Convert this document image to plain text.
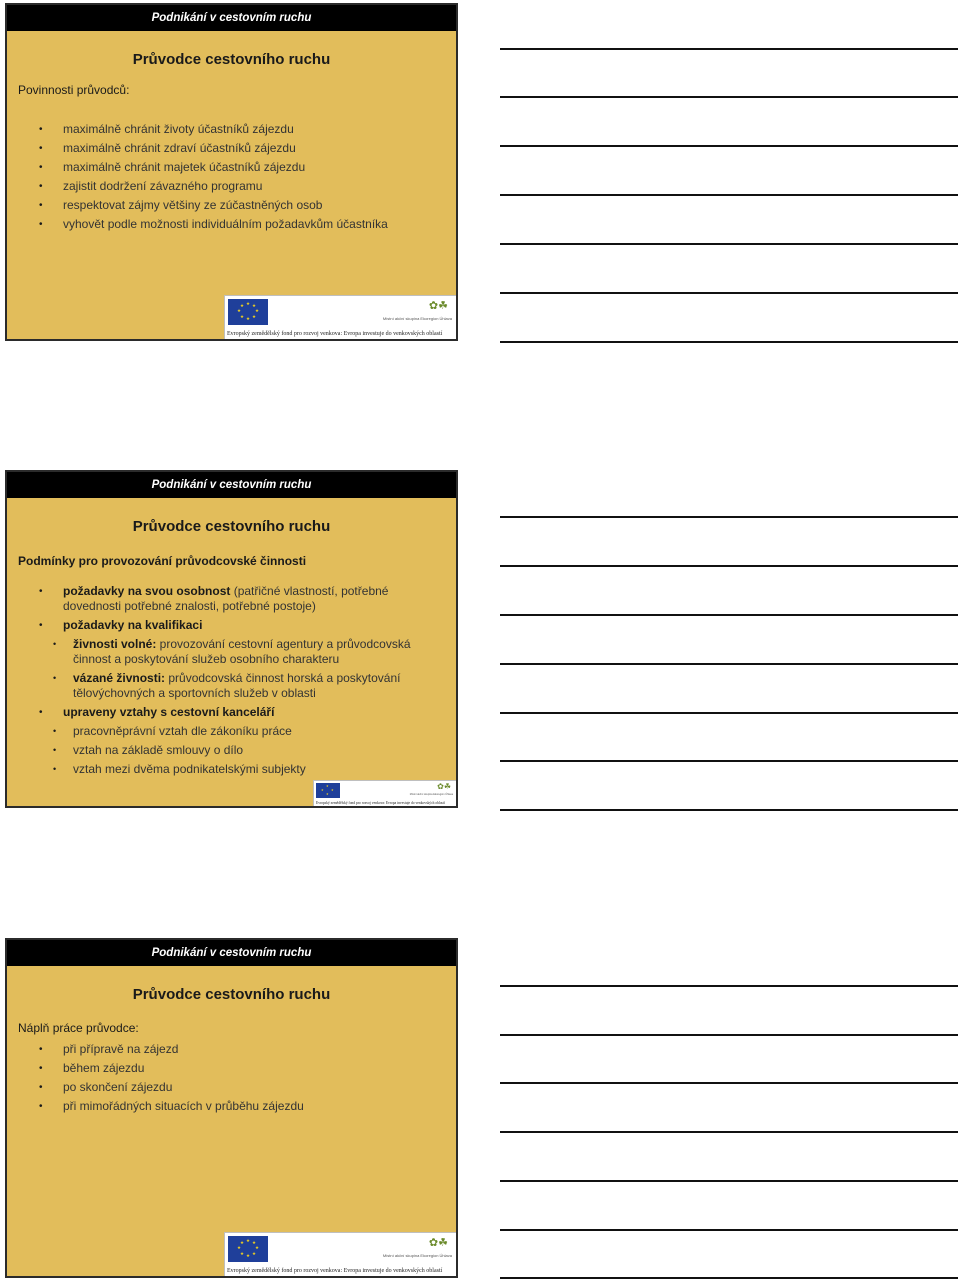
Podnikání v cestovním ruchu
Průvodce cestovního ruchu
Povinnosti průvodců:
• maximálně chránit životy účastníků zájezdu
• maximálně chránit zdraví účastníků zájezdu
• maximálně chránit majetek účastníků zájezdu
• zajistit dodržení závazného programu
• respektovat zájmy většiny ze zúčastněných osob
• vyhovět podle možnosti individuálním požadavkům účastníka
★ ★
★
★
★
★
★
★	✿☘
Místní akční skupina Ekoregion Úhlava
Evropský zemědělský fond pro rozvoj venkova: Evropa investuje do venkovských oblastí
Podnikání v cestovním ruchu
Průvodce cestovního ruchu
Podmínky pro provozování průvodcovské činnosti
• požadavky na svou osobnost (patřičné vlastností, potřebné dovednosti potřebné znalosti, potřebné postoje)
• požadavky na kvalifikaci
• živnosti volné: provozování cestovní agentury a průvodcovská činnost a poskytování služeb osobního charakteru
• vázané živnosti: průvodcovská činnost horská a poskytování tělovýchovných a sportovních služeb v oblasti
• upraveny vztahy s cestovní kanceláří
• pracovněprávní vztah dle zákoníku práce
• vztah na základě smlouvy o dílo
• vztah mezi dvěma podnikatelskými subjekty
★
★
★
★	✿☘
Místní akční skupina Ekoregion Úhlava
Evropský zemědělský fond pro rozvoj venkova: Evropa investuje do venkovských oblastí
Podnikání v cestovním ruchu
Průvodce cestovního ruchu
Náplň práce průvodce:
• při přípravě na zájezd
• během zájezdu
• po skončení zájezdu
• při mimořádných situacích v průběhu zájezdu
★ ★
★
★
★
★
★
★	✿☘
Místní akční skupina Ekoregion Úhlava
Evropský zemědělský fond pro rozvoj venkova: Evropa investuje do venkovských oblastí
